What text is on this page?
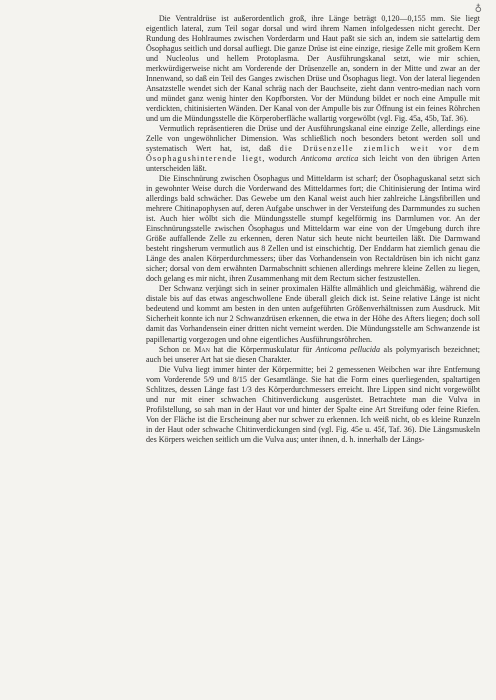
♁

Die Ventraldrüse ist außerordentlich groß, ihre Länge beträgt 0,120—0,155 mm. Sie liegt eigentlich lateral, zum Teil sogar dorsal und wird ihrem Namen infolgedessen nicht gerecht. Der Rundung des Hohlraumes zwischen Vorderdarm und Haut paßt sie sich an, indem sie sattelartig dem Ösophagus seitlich und dorsal aufliegt. Die ganze Drüse ist eine einzige, riesige Zelle mit großem Kern und Nucleolus und hellem Protoplasma. Der Ausführungskanal setzt, wie mir schien, merkwürdigerweise nicht am Vorderende der Drüsenzelle an, sondern in der Mitte und zwar an der Innenwand, so daß ein Teil des Ganges zwischen Drüse und Ösophagus liegt. Von der lateral liegenden Ansatzstelle wendet sich der Kanal schräg nach der Bauchseite, zieht dann ventro-median nach vorn und mündet ganz wenig hinter den Kopfborsten. Vor der Mündung bildet er noch eine Ampulle mit verdickten, chitinisierten Wänden. Der Kanal von der Ampulle bis zur Öffnung ist ein feines Röhrchen und um die Mündungsstelle die Körperoberfläche wallartig vorgewölbt (vgl. Fig. 45a, 45b, Taf. 36).

Vermutlich repräsentieren die Drüse und der Ausführungskanal eine einzige Zelle, allerdings eine Zelle von ungewöhnlicher Dimension. Was schließlich noch besonders betont werden soll und systematisch Wert hat, ist, daß die Drüsenzelle ziemlich weit vor dem Ösophagushinterende liegt, wodurch Anticoma arctica sich leicht von den übrigen Arten unterscheiden läßt.

Die Einschnürung zwischen Ösophagus und Mitteldarm ist scharf; der Ösophaguskanal setzt sich in gewohnter Weise durch die Vorderwand des Mitteldarmes fort; die Chitinisierung der Intima wird allerdings bald schwächer. Das Gewebe um den Kanal weist auch hier zahlreiche Längsfibrillen und mehrere Chitinapophysen auf, deren Aufgabe unschwer in der Versteifung des Darmmundes zu suchen ist. Auch hier wölbt sich die Mündungsstelle stumpf kegelförmig ins Darmlumen vor. An der Einschnürungsstelle zwischen Ösophagus und Mitteldarm war eine von der Umgebung durch ihre Größe auffallende Zelle zu erkennen, deren Natur sich heute nicht beurteilen läßt. Die Darmwand besteht ringsherum vermutlich aus 8 Zellen und ist einschichtig. Der Enddarm hat ziemlich genau die Länge des analen Körperdurchmessers; über das Vorhandensein von Rectaldrüsen bin ich nicht ganz sicher; dorsal von dem erwähnten Darmabschnitt schienen allerdings mehrere kleine Zellen zu liegen, doch gelang es mir nicht, ihren Zusammenhang mit dem Rectum sicher festzustellen.

Der Schwanz verjüngt sich in seiner proximalen Hälfte allmählich und gleichmäßig, während die distale bis auf das etwas angeschwollene Ende überall gleich dick ist. Seine relative Länge ist nicht bedeutend und kommt am besten in den unten aufgeführten Größenverhältnissen zum Ausdruck. Mit Sicherheit konnte ich nur 2 Schwanzdrüsen erkennen, die etwa in der Höhe des Afters liegen; doch soll damit das Vorhandensein einer dritten nicht verneint werden. Die Mündungsstelle am Schwanzende ist papillenartig vorgezogen und ohne eigentliches Ausführungsröhrchen.

Schon de Man hat die Körpermuskulatur für Anticoma pellucida als polymyarisch bezeichnet; auch bei unserer Art hat sie diesen Charakter.

Die Vulva liegt immer hinter der Körpermitte; bei 2 gemessenen Weibchen war ihre Entfernung vom Vorderende 5/9 und 8/15 der Gesamtlänge. Sie hat die Form eines querliegenden, spaltartigen Schlitzes, dessen Länge fast 1/3 des Körperdurchmessers erreicht. Ihre Lippen sind nicht vorgewölbt und nur mit einer schwachen Chitinverdickung ausgerüstet. Betrachtete man die Vulva in Profilstellung, so sah man in der Haut vor und hinter der Spalte eine Art Streifung oder feine Riefen. Von der Fläche ist die Erscheinung aber nur schwer zu erkennen. Ich weiß nicht, ob es kleine Runzeln in der Haut oder schwache Chitinverdickungen sind (vgl. Fig. 45e u. 45f, Taf. 36). Die Längsmuskeln des Körpers weichen seitlich um die Vulva aus; unter ihnen, d. h. innerhalb der Längs-
